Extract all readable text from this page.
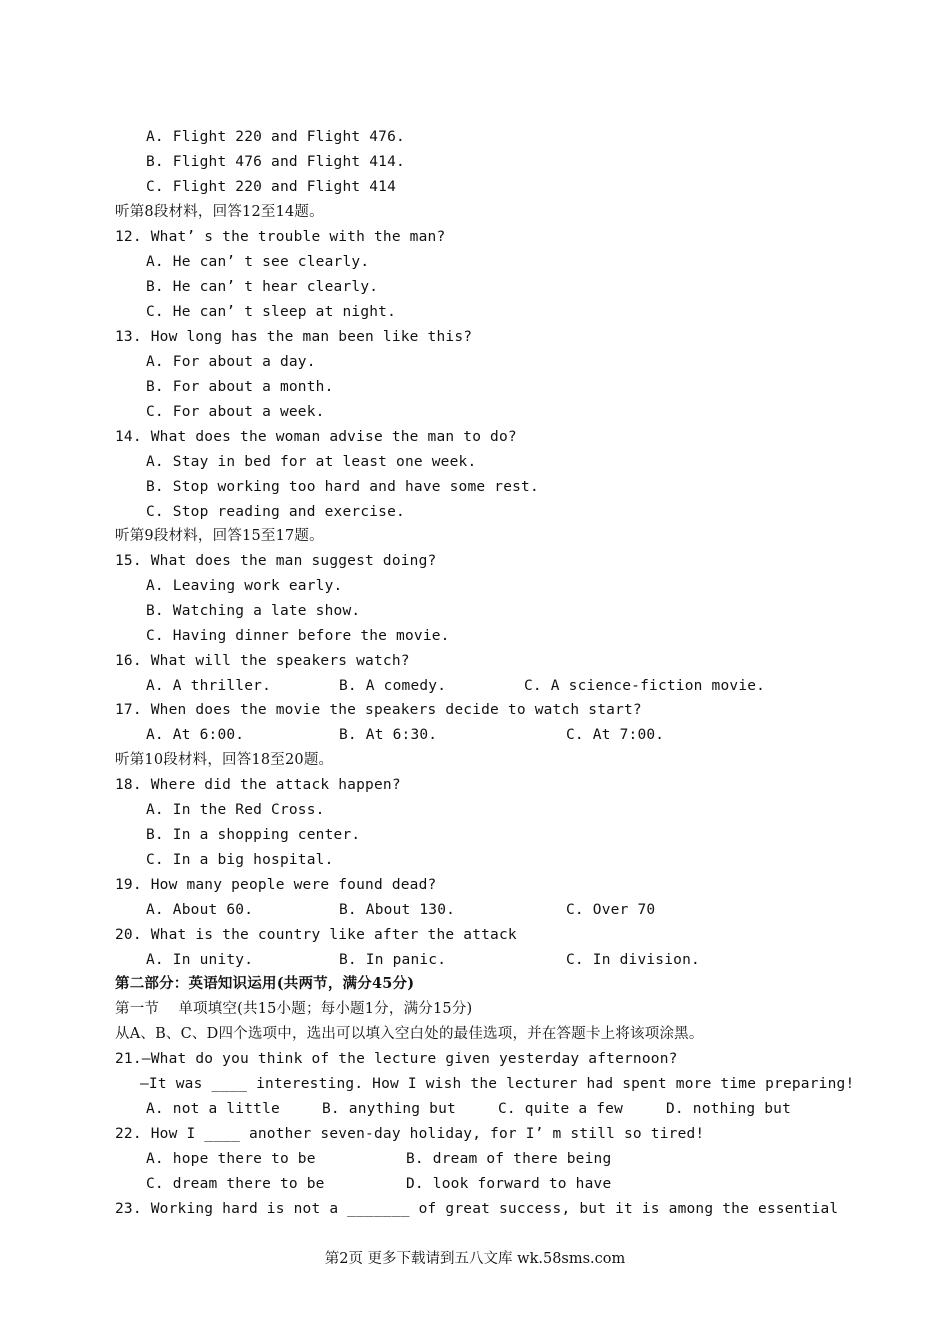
A. Flight 220 and Flight 476.
B. Flight 476 and Flight 414.
C. Flight 220 and Flight 414
听第8段材料，回答12至14题。
12. What’ s the trouble with the man?
A. He can’ t see clearly.
B. He can’ t hear clearly.
C. He can’ t sleep at night.
13. How long has the man been like this?
A. For about a day.
B. For about a month.
C. For about a week.
14. What does the woman advise the man to do?
A. Stay in bed for at least one week.
B. Stop working too hard and have some rest.
C. Stop reading and exercise.
听第9段材料，回答15至17题。
15. What does the man suggest doing?
A. Leaving work early.
B. Watching a late show.
C. Having dinner before the movie.
16. What will the speakers watch?
A. A thriller.	B. A comedy.	C. A science-fiction movie.
17. When does the movie the speakers decide to watch start?
A. At 6:00.	B. At 6:30.	C. At 7:00.
听第10段材料，回答18至20题。
18. Where did the attack happen?
A. In the Red Cross.
B. In a shopping center.
C. In a big hospital.
19. How many people were found dead?
A. About 60.	B. About 130.	C. Over 70
20. What is the country like after the attack
A. In unity.	B. In panic.	C. In division.
第二部分：英语知识运用(共两节，满分45分)
第一节    单项填空(共15小题；每小题1分，满分15分)
从A、B、C、D四个选项中，选出可以填入空白处的最佳选项，并在答题卡上将该项涂黑。
21.—What do you think of the lecture given yesterday afternoon?
—It was ____ interesting. How I wish the lecturer had spent more time preparing!
A. not a little	B. anything but	C. quite a few	D. nothing but
22. How I ____ another seven-day holiday, for I’ m still so tired!
A. hope there to be	B. dream of there being
C. dream there to be	D. look forward to have
23. Working hard is not a _______ of great success, but it is among the essential
第2页 更多下载请到五八文库 wk.58sms.com
